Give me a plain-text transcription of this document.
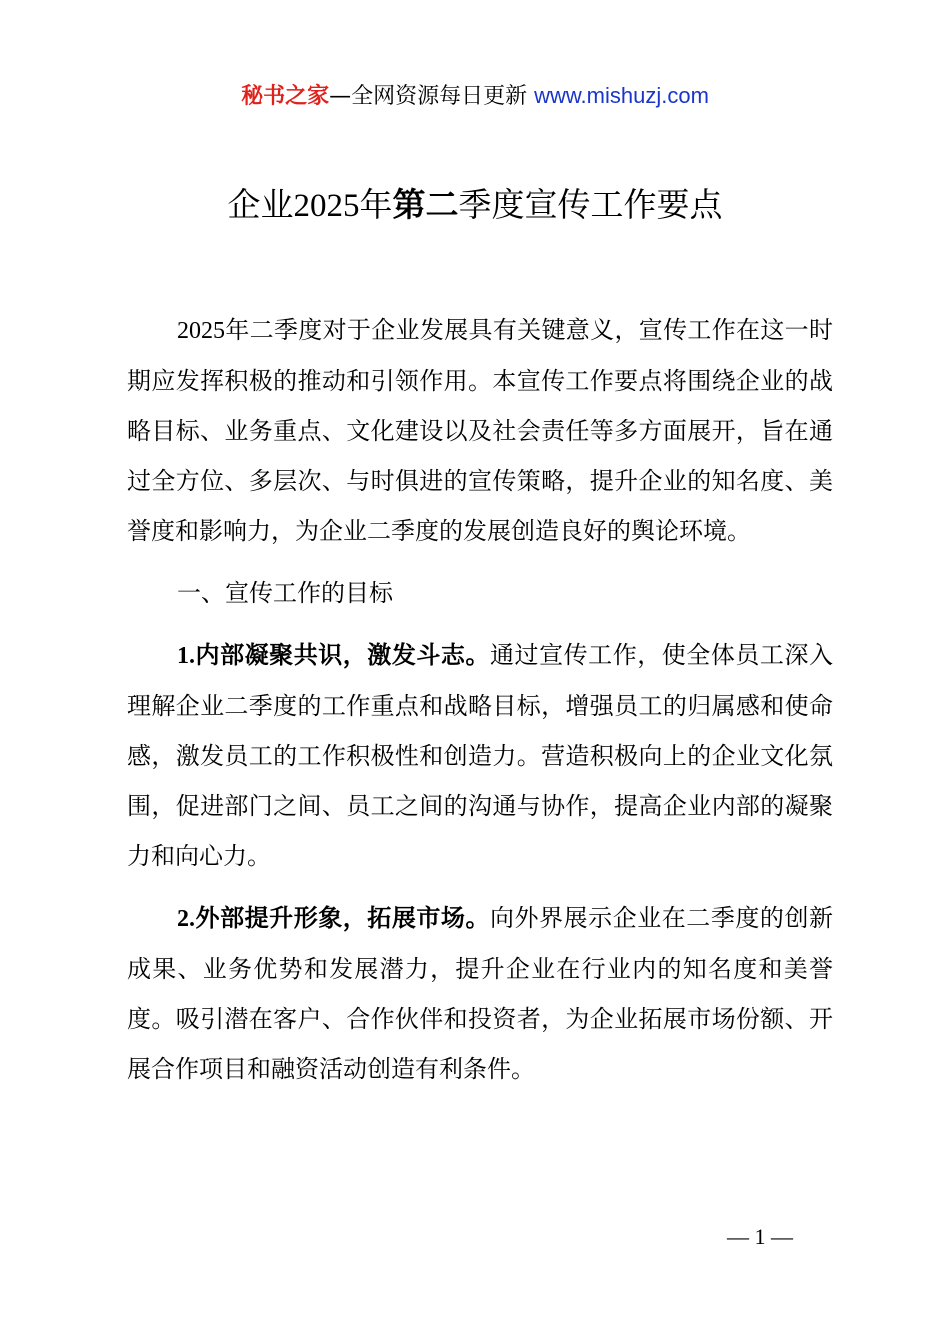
秘书之家—全网资源每日更新 www.mishuzj.com
企业2025年第二季度宣传工作要点

2025年二季度对于企业发展具有关键意义，宣传工作在这一时期应发挥积极的推动和引领作用。本宣传工作要点将围绕企业的战略目标、业务重点、文化建设以及社会责任等多方面展开，旨在通过全方位、多层次、与时俱进的宣传策略，提升企业的知名度、美誉度和影响力，为企业二季度的发展创造良好的舆论环境。

一、宣传工作的目标

1.内部凝聚共识，激发斗志。通过宣传工作，使全体员工深入理解企业二季度的工作重点和战略目标，增强员工的归属感和使命感，激发员工的工作积极性和创造力。营造积极向上的企业文化氛围，促进部门之间、员工之间的沟通与协作，提高企业内部的凝聚力和向心力。

2.外部提升形象，拓展市场。向外界展示企业在二季度的创新成果、业务优势和发展潜力，提升企业在行业内的知名度和美誉度。吸引潜在客户、合作伙伴和投资者，为企业拓展市场份额、开展合作项目和融资活动创造有利条件。

— 1 —
